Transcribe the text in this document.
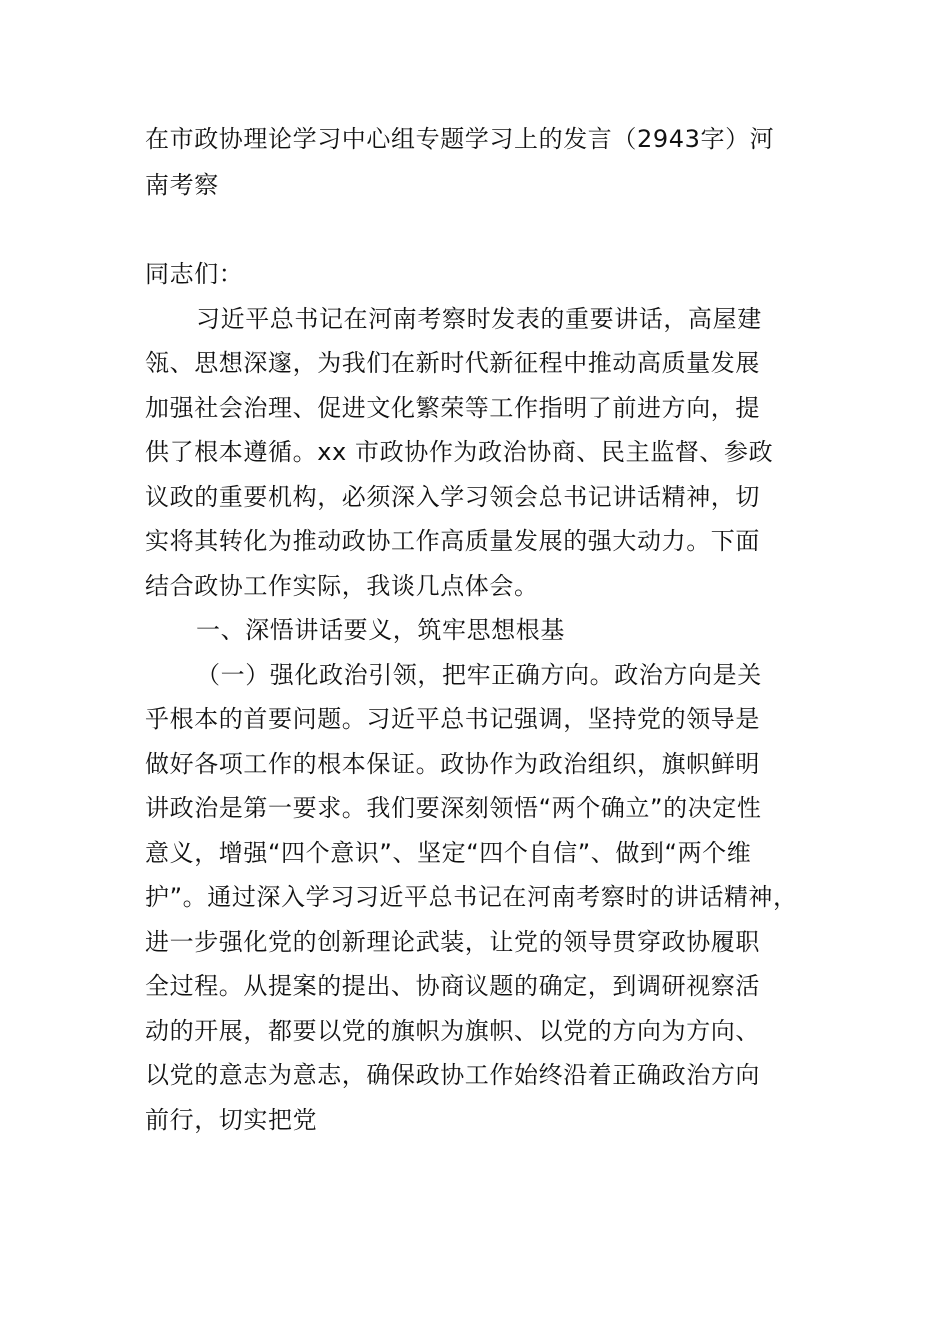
在市政协理论学习中心组专题学习上的发言（2943字）河
南考察
同志们：
习近平总书记在河南考察时发表的重要讲话，高屋建
瓴、思想深邃，为我们在新时代新征程中推动高质量发展
加强社会治理、促进文化繁荣等工作指明了前进方向，提
供了根本遵循。xx 市政协作为政治协商、民主监督、参政
议政的重要机构，必须深入学习领会总书记讲话精神，切
实将其转化为推动政协工作高质量发展的强大动力。下面
结合政协工作实际，我谈几点体会。
一、深悟讲话要义，筑牢思想根基
（一）强化政治引领，把牢正确方向。政治方向是关
乎根本的首要问题。习近平总书记强调，坚持党的领导是
做好各项工作的根本保证。政协作为政治组织，旗帜鲜明
讲政治是第一要求。我们要深刻领悟“两个确立”的决定性
意义，增强“四个意识”、坚定“四个自信”、做到“两个维
护”。通过深入学习习近平总书记在河南考察时的讲话精神，
进一步强化党的创新理论武装，让党的领导贯穿政协履职
全过程。从提案的提出、协商议题的确定，到调研视察活
动的开展，都要以党的旗帜为旗帜、以党的方向为方向、
以党的意志为意志，确保政协工作始终沿着正确政治方向
前行，切实把党
